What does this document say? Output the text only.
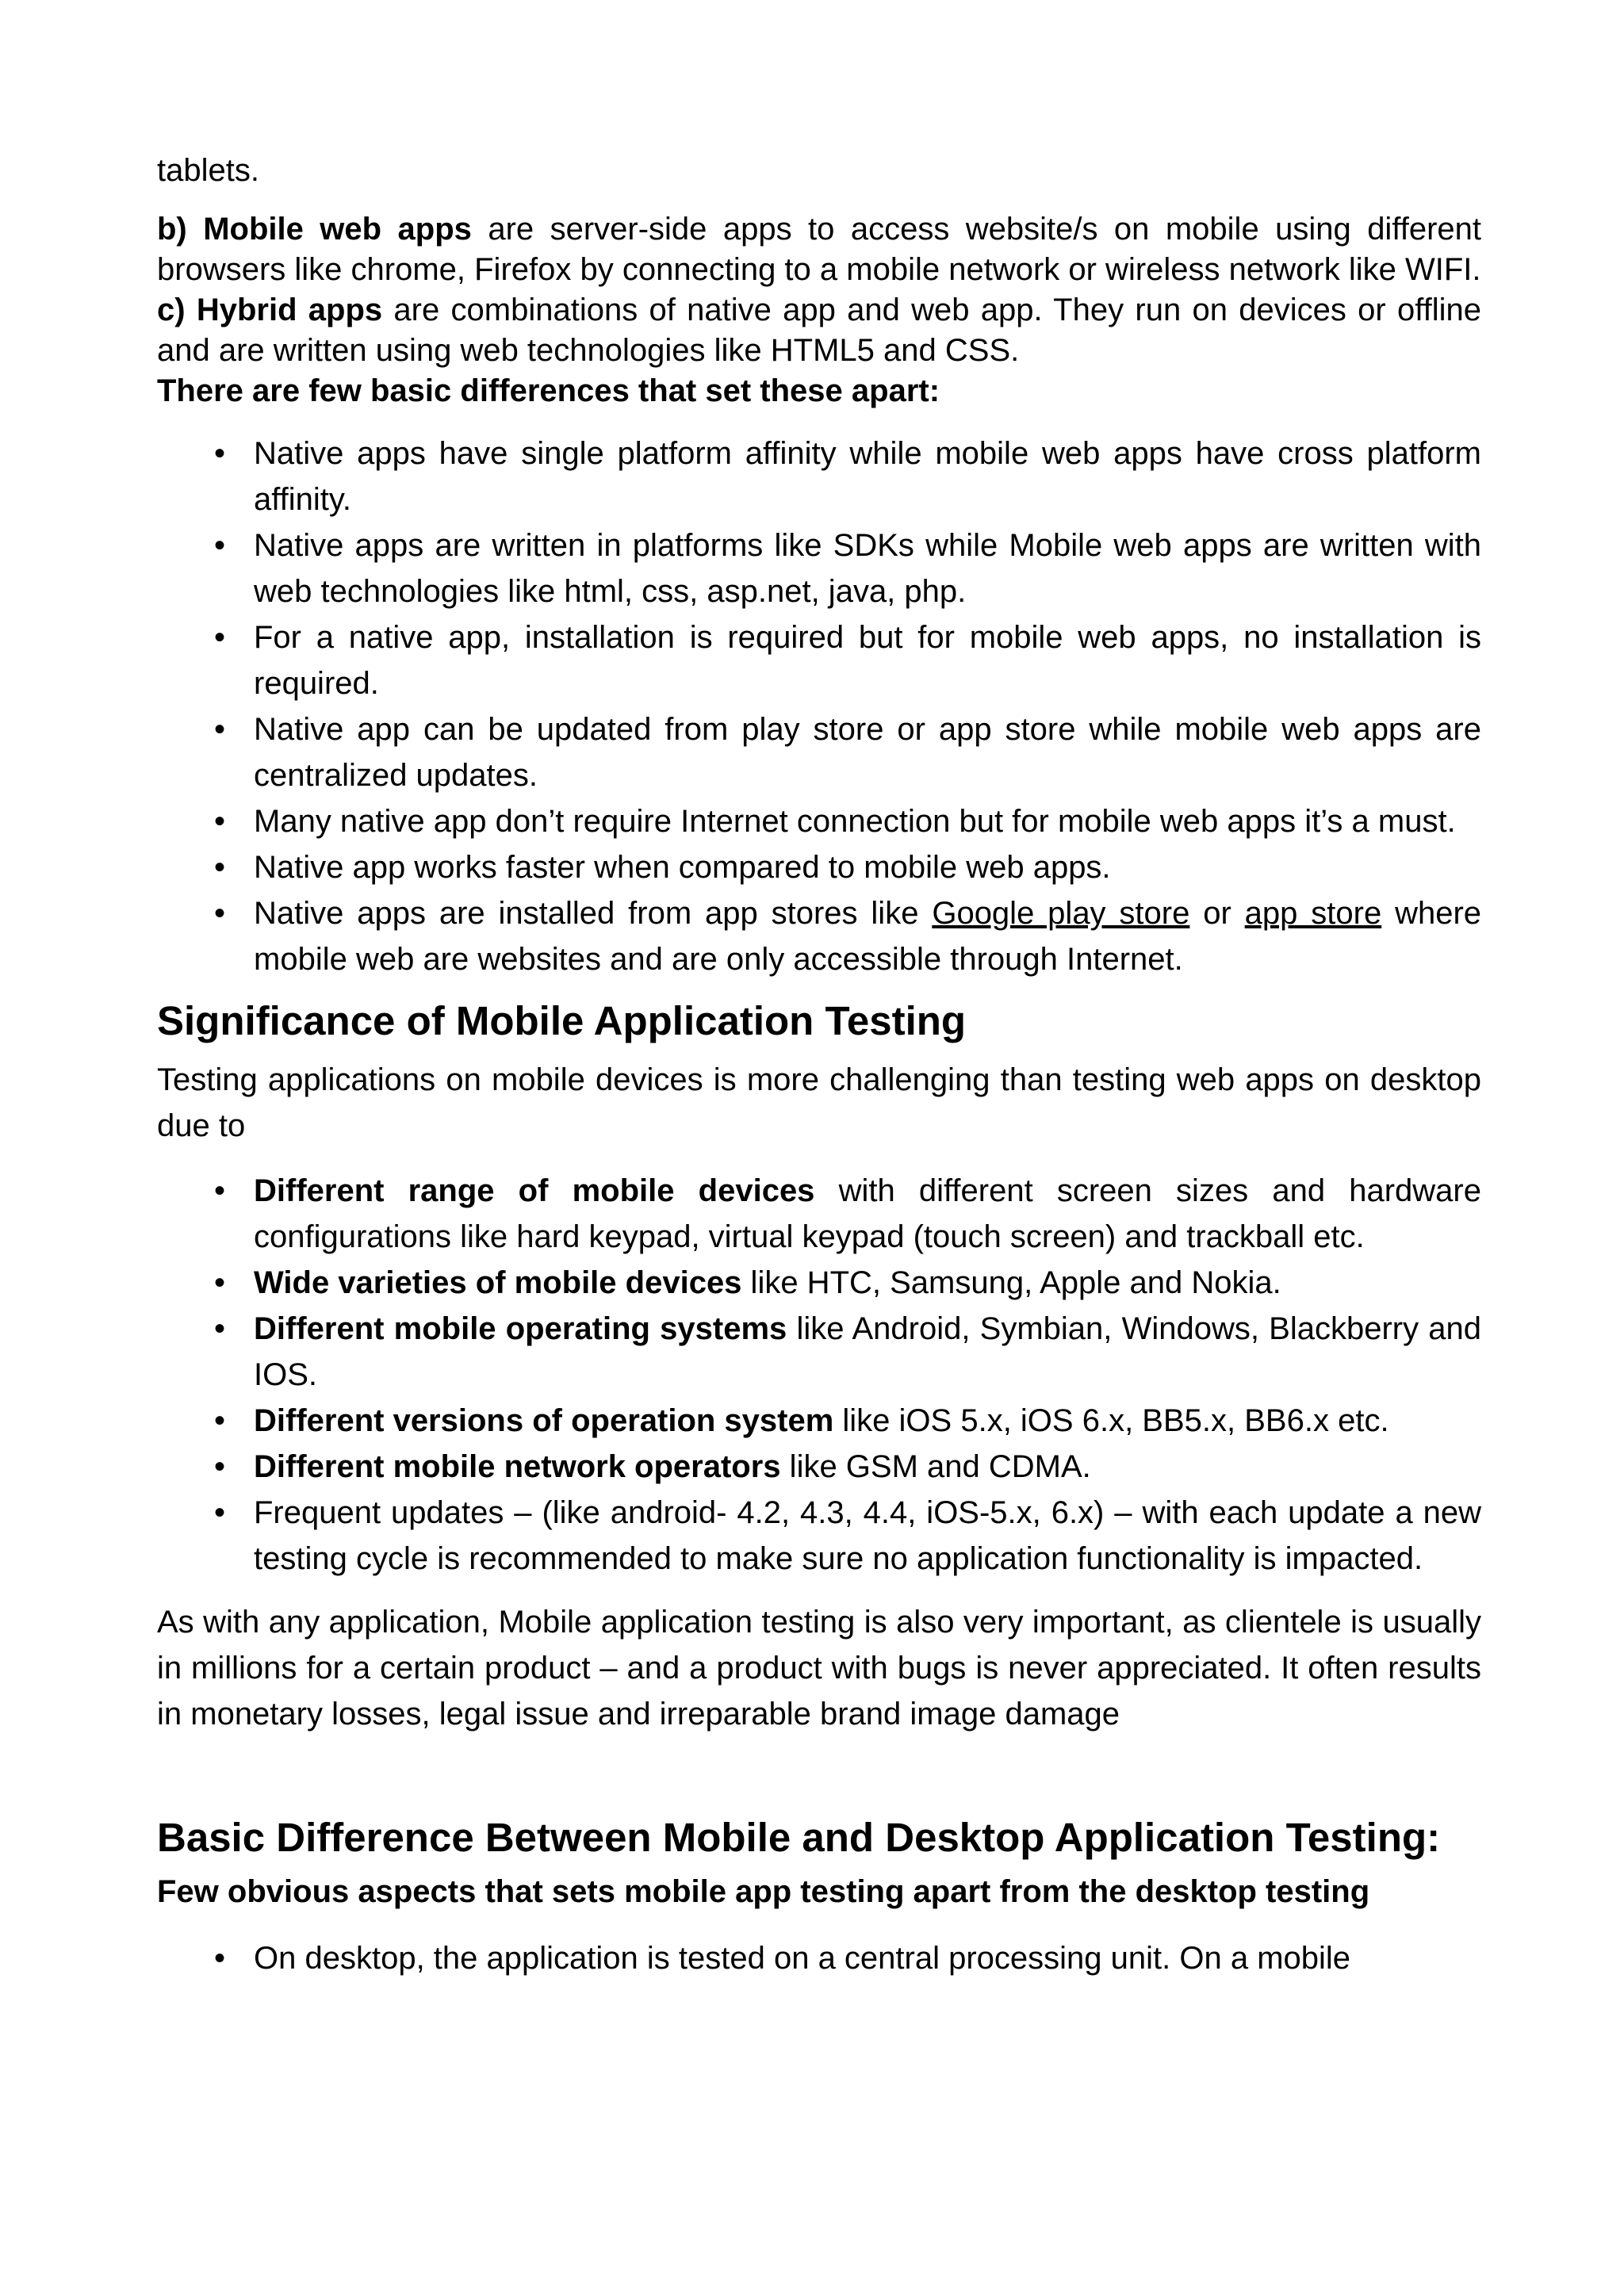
tablets.

b) Mobile web apps are server-side apps to access website/s on mobile using different browsers like chrome, Firefox by connecting to a mobile network or wireless network like WIFI.

c) Hybrid apps are combinations of native app and web app. They run on devices or offline and are written using web technologies like HTML5 and CSS.

There are few basic differences that set these apart:

• Native apps have single platform affinity while mobile web apps have cross platform affinity.
• Native apps are written in platforms like SDKs while Mobile web apps are written with web technologies like html, css, asp.net, java, php.
• For a native app, installation is required but for mobile web apps, no installation is required.
• Native app can be updated from play store or app store while mobile web apps are centralized updates.
• Many native app don’t require Internet connection but for mobile web apps it’s a must.
• Native app works faster when compared to mobile web apps.
• Native apps are installed from app stores like Google play store or app store where mobile web are websites and are only accessible through Internet.
Significance of Mobile Application Testing

Testing applications on mobile devices is more challenging than testing web apps on desktop due to

• Different range of mobile devices with different screen sizes and hardware configurations like hard keypad, virtual keypad (touch screen) and trackball etc.
• Wide varieties of mobile devices like HTC, Samsung, Apple and Nokia.
• Different mobile operating systems like Android, Symbian, Windows, Blackberry and IOS.
• Different versions of operation system like iOS 5.x, iOS 6.x, BB5.x, BB6.x etc.
• Different mobile network operators like GSM and CDMA.
• Frequent updates – (like android- 4.2, 4.3, 4.4, iOS-5.x, 6.x) – with each update a new testing cycle is recommended to make sure no application functionality is impacted.

As with any application, Mobile application testing is also very important, as clientele is usually in millions for a certain product – and a product with bugs is never appreciated. It often results in monetary losses, legal issue and irreparable brand image damage

Basic Difference Between Mobile and Desktop Application Testing:

Few obvious aspects that sets mobile app testing apart from the desktop testing

• On desktop, the application is tested on a central processing unit. On a mobile
